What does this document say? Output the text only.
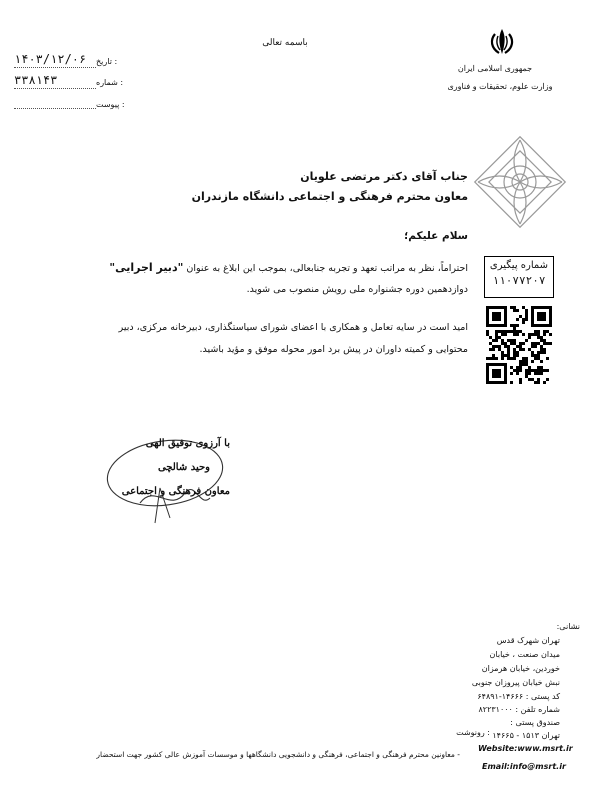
جمهوری اسلامی ایران
وزارت علوم، تحقیقات و فناوری
باسمه تعالی
۱۴۰۳/۱۲/۰۶	: تاریخ
۳۳۸۱۴۳	: شماره
: پیوست
جناب آقای دکتر مرتضی علویان
معاون محترم فرهنگی و اجتماعی دانشگاه مازندران
سلام علیکم؛
احتراماً، نظر به مراتب تعهد و تجربه جنابعالی، بموجب این ابلاغ به عنوان "دبیر اجرایی"
دوازدهمین دوره جشنواره ملی رویش منصوب می شوید.
امید است در سایه تعامل و همکاری با اعضای شورای سیاستگذاری، دبیرخانه مرکزی، دبیر
محتوایی و کمیته داوران در پیش برد امور محوله موفق و مؤید باشید.
شماره پیگیری
۱۱۰۷۷۲۰۷
با آرزوی توفیق الهی
وحید شالچی
معاون فرهنگی و اجتماعی
نشانی:
تهران شهرک قدس
میدان صنعت ، خیابان
خوردین، خیابان هرمزان
نبش خیابان پیروزان جنوبی
کد پستی : ۱۴۶۶۶-۶۴۸۹۱
شماره تلفن : ۸۲۲۳۱۰۰۰
صندوق پستی :
تهران ۱۵۱۳ - ۱۴۶۶۵
Website:www.msrt.ir
Email:info@msrt.ir
: رونوشت
- معاونین محترم فرهنگی و اجتماعی، فرهنگی و دانشجویی دانشگاهها و موسسات آموزش عالی کشور جهت استحضار
